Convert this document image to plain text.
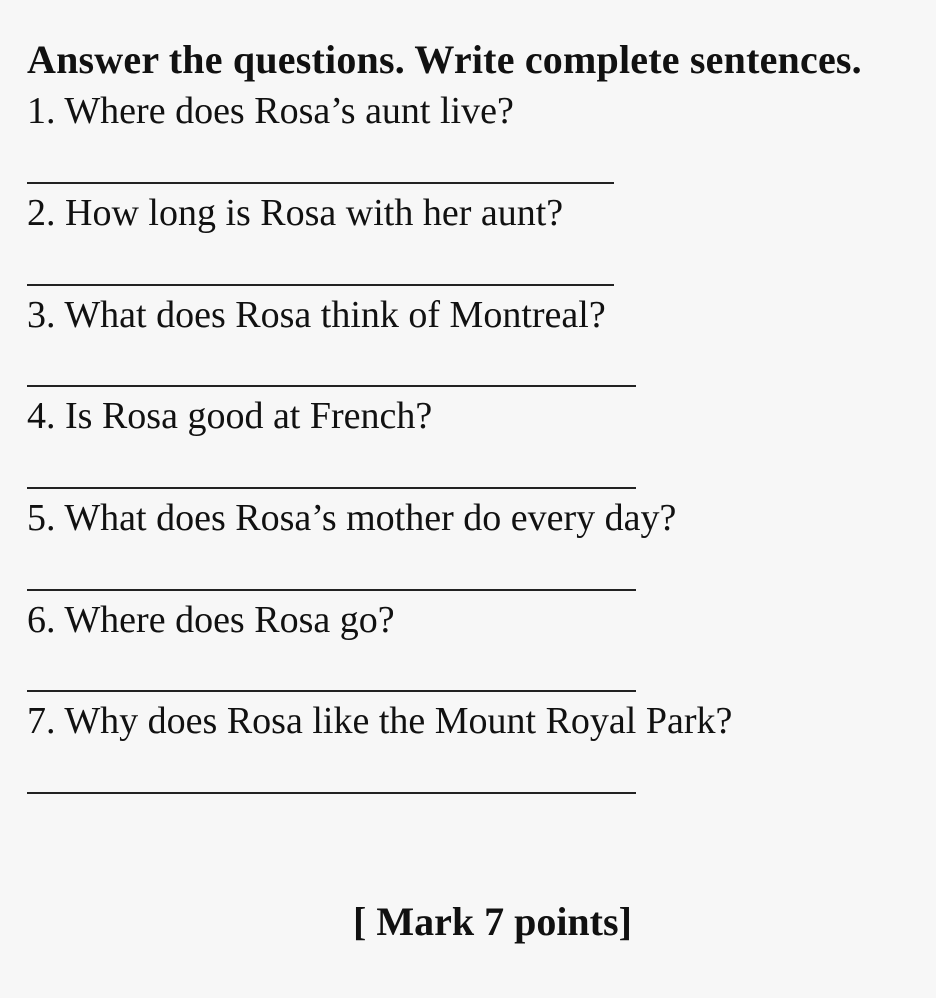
Answer the questions. Write complete sentences.
1. Where does Rosa’s aunt live?
2. How long is Rosa with her aunt?
3. What does Rosa think of Montreal?
4. Is Rosa good at French?
5. What does Rosa’s mother do every day?
6. Where does Rosa go?
7. Why does Rosa like the Mount Royal Park?
[ Mark 7 points]
